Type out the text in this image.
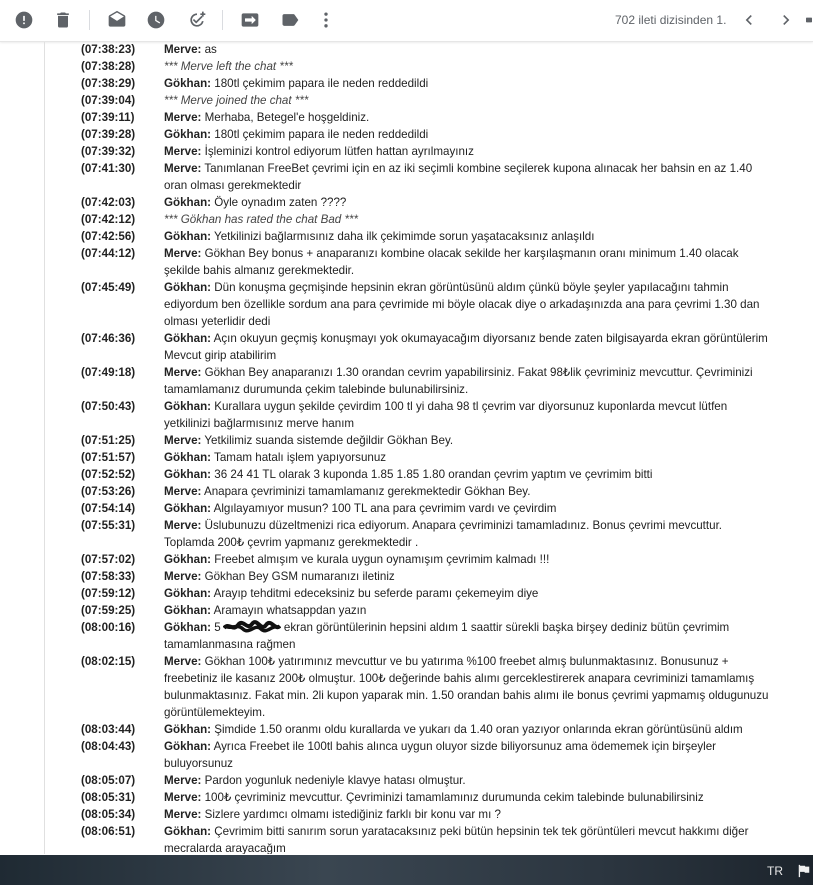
702 ileti dizisinden 1.
(07:38:23) Merve: as
(07:38:28) *** Merve left the chat ***
(07:38:29) Gökhan: 180tl çekimim papara ile neden reddedildi
(07:39:04) *** Merve joined the chat ***
(07:39:11)	Merve: Merhaba, Betegel'e hoşgeldiniz.
(07:39:28) Gökhan: 180tl çekimim papara ile neden reddedildi
(07:39:32) Merve: İşleminizi kontrol ediyorum lütfen hattan ayrılmayınız
(07:41:30) Merve: Tanımlanan FreeBet çevrimi için en az iki seçimli kombine seçilerek kupona alınacak her bahsin en az 1.40 oran olması gerekmektedir
(07:42:03) Gökhan: Öyle oynadım zaten ????
(07:42:12) *** Gökhan has rated the chat Bad ***
(07:42:56) Gökhan: Yetkilinizi bağlarmısınız daha ilk çekimimde sorun yaşatacaksınız anlaşıldı
(07:44:12) Merve: Gökhan Bey bonus + anaparanızı kombine olacak sekilde her karşılaşmanın oranı minimum 1.40 olacak şekilde bahis almanız gerekmektedir.
(07:45:49) Gökhan: Dün konuşma geçmişinde hepsinin ekran görüntüsünü aldım çünkü böyle şeyler yapılacağını tahmin ediyordum ben özellikle sordum ana para çevrimide mi böyle olacak diye o arkadaşınızda ana para çevrimi 1.30 dan olması yeterlidir dedi
(07:46:36) Gökhan: Açın okuyun geçmiş konuşmayı yok okumayacağım diyorsanız bende zaten bilgisayarda ekran görüntülerim Mevcut girip atabilirim
(07:49:18) Merve: Gökhan Bey anaparanızı 1.30 orandan cevrim yapabilirsiniz. Fakat 98₺lik çevriminiz mevcuttur. Çevriminizi tamamlamanız durumunda çekim talebinde bulunabilirsiniz.
(07:50:43) Gökhan: Kurallara uygun şekilde çevirdim 100 tl yi daha 98 tl çevrim var diyorsunuz kuponlarda mevcut lütfen yetkilinizi bağlarmısınız merve hanım
(07:51:25) Merve: Yetkilimiz suanda sistemde değildir Gökhan Bey.
(07:51:57) Gökhan: Tamam hatalı işlem yapıyorsunuz
(07:52:52) Gökhan: 36 24 41 TL olarak 3 kuponda 1.85 1.85 1.80 orandan çevrim yaptım ve çevrimim bitti
(07:53:26) Merve: Anapara çevriminizi tamamlamanız gerekmektedir Gökhan Bey.
(07:54:14) Gökhan: Algılayamıyor musun? 100 TL ana para çevrimim vardı ve çevirdim
(07:55:31) Merve: Üslubunuzu düzeltmenizi rica ediyorum. Anapara çevriminizi tamamladınız. Bonus çevrimi mevcuttur. Toplamda 200₺ çevrim yapmanız gerekmektedir .
(07:57:02) Gökhan: Freebet almışım ve kurala uygun oynamışım çevrimim kalmadı !!!
(07:58:33) Merve: Gökhan Bey GSM numaranızı iletiniz
(07:59:12) Gökhan: Arayıp tehditmi edeceksiniz bu seferde paramı çekemeyim diye
(07:59:25) Gökhan: Aramayın whatsappdan yazın
(08:00:16) Gökhan: 5	ekran görüntülerinin hepsini aldım 1 saattir sürekli başka birşey dediniz bütün çevrimim tamamlanmasına rağmen
(08:02:15) Merve: Gökhan 100₺ yatırımınız mevcuttur ve bu yatırıma %100 freebet almış bulunmaktasınız. Bonusunuz + freebetiniz ile kasanız 200₺ olmuştur. 100₺ değerinde bahis alımı gerceklestirerek anapara cevriminizi tamamlamış bulunmaktasınız. Fakat min. 2li kupon yaparak min. 1.50 orandan bahis alımı ile bonus çevrimi yapmamış oldugunuzu görüntülemekteyim.
(08:03:44) Gökhan: Şimdide 1.50 oranmı oldu kurallarda ve yukarı da 1.40 oran yazıyor onlarında ekran görüntüsünü aldım
(08:04:43) Gökhan: Ayrıca Freebet ile 100tl bahis alınca uygun oluyor sizde biliyorsunuz ama ödememek için birşeyler buluyorsunuz
(08:05:07) Merve: Pardon yogunluk nedeniyle klavye hatası olmuştur.
(08:05:31) Merve: 100₺ çevriminiz mevcuttur. Çevriminizi tamamlamınız durumunda cekim talebinde bulunabilirsiniz
(08:05:34) Merve: Sizlere yardımcı olmamı istediğiniz farklı bir konu var mı ?
(08:06:51) Gökhan: Çevrimim bitti sanırım sorun yaratacaksınız peki bütün hepsinin tek tek görüntüleri mevcut hakkımı diğer mecralarda arayacağım
TR
